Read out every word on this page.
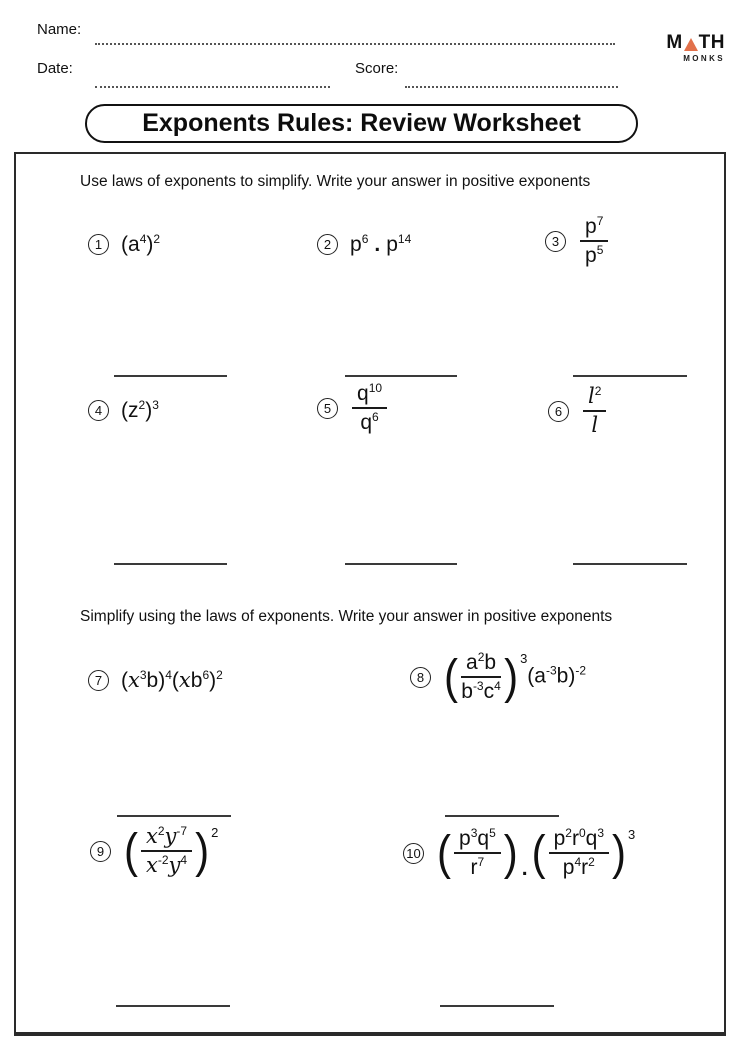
Name:
Date:	Score:
M TH
MONKS
Exponents Rules: Review Worksheet
Use laws of exponents to simplify. Write your answer in positive exponents
1 $(a^4)^2$	2 $p^6$ . $p^{14}$	$3 \frac{p^7}{p^5}$
4 $(z^2)^3$	$5 \frac{q^{10}}{q^6}$	$6 \frac{l^2}{l}$
Simplify using the laws of exponents. Write your answer in positive exponents
7 $(x^3b)^4(xb^6)^2$	8 ( $\frac{a^2b}{b^{-3}c^4}$ ) $^3(a^{-3}b)^{-2}$
9 ( $\frac{x^2y^{-7}}{x^{-2}y^4}$ ) $^2$
10 ( $\frac{p^3q^5}{r^7}$ ) .( $\frac{p^2r^0q^3}{p^4r^2}$ ) $^3$
